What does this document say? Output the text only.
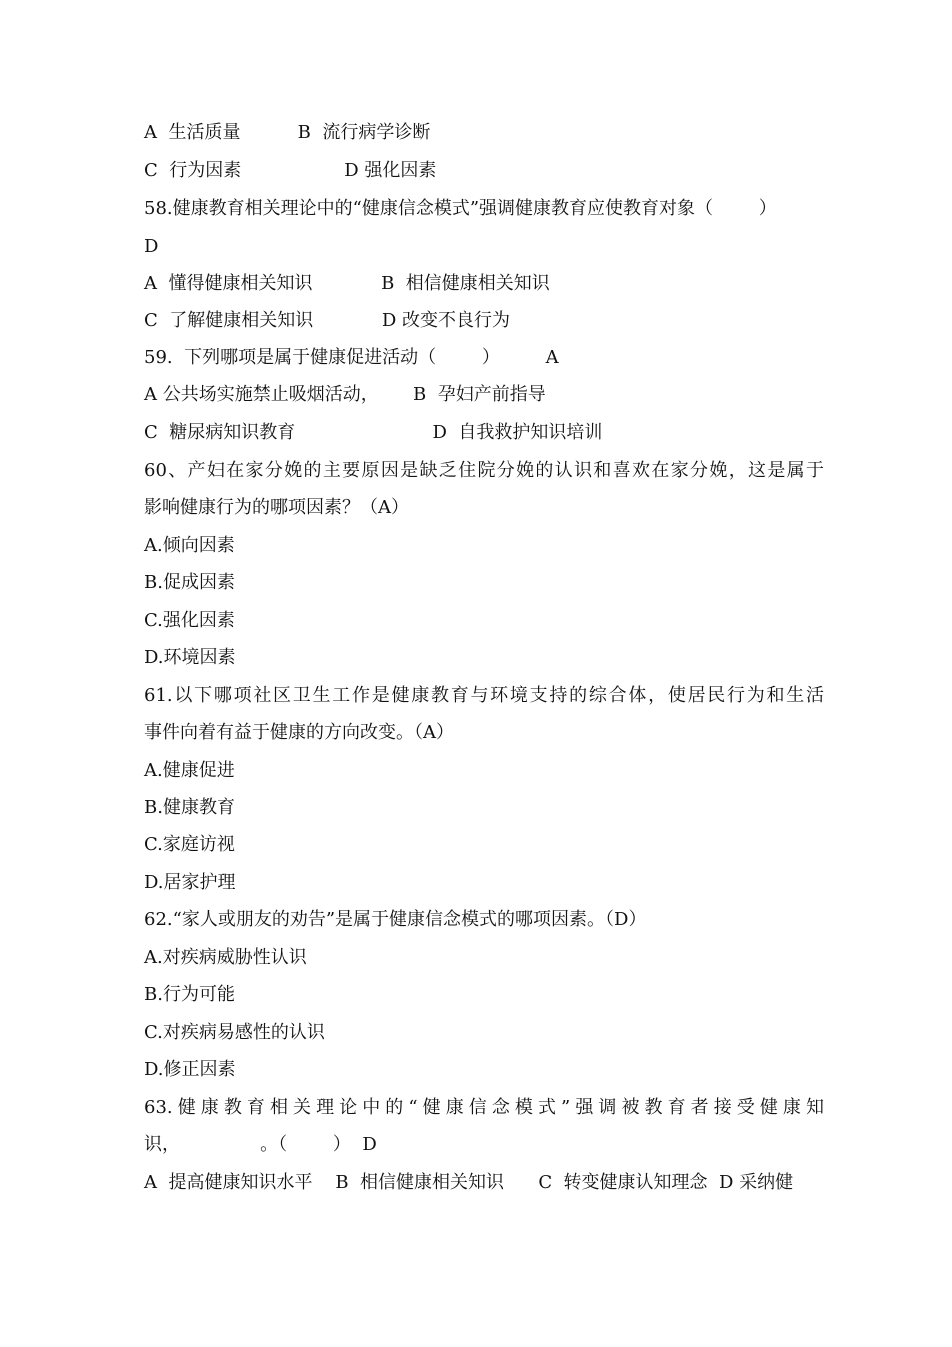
A  生活质量          B  流行病学诊断
C  行为因素                  D 强化因素
58.健康教育相关理论中的“健康信念模式”强调健康教育应使教育对象（        ）
D
A  懂得健康相关知识            B  相信健康相关知识
C  了解健康相关知识            D 改变不良行为
59.  下列哪项是属于健康促进活动（        ）        A
A 公共场实施禁止吸烟活动，      B  孕妇产前指导
C  糖尿病知识教育                        D  自我救护知识培训
60、产妇在家分娩的主要原因是缺乏住院分娩的认识和喜欢在家分娩，这是属于
影响健康行为的哪项因素？（A）
A.倾向因素
B.促成因素
C.强化因素
D.环境因素
61.以下哪项社区卫生工作是健康教育与环境支持的综合体，使居民行为和生活
事件向着有益于健康的方向改变。（A）
A.健康促进
B.健康教育
C.家庭访视
D.居家护理
62.“家人或朋友的劝告”是属于健康信念模式的哪项因素。（D）
A.对疾病威胁性认识
B.行为可能
C.对疾病易感性的认识
D.修正因素
63.健康教育相关理论中的“健康信念模式”强调被教育者接受健康知
识，              。（        ）  D
A  提高健康知识水平    B  相信健康相关知识      C  转变健康认知理念  D 采纳健
